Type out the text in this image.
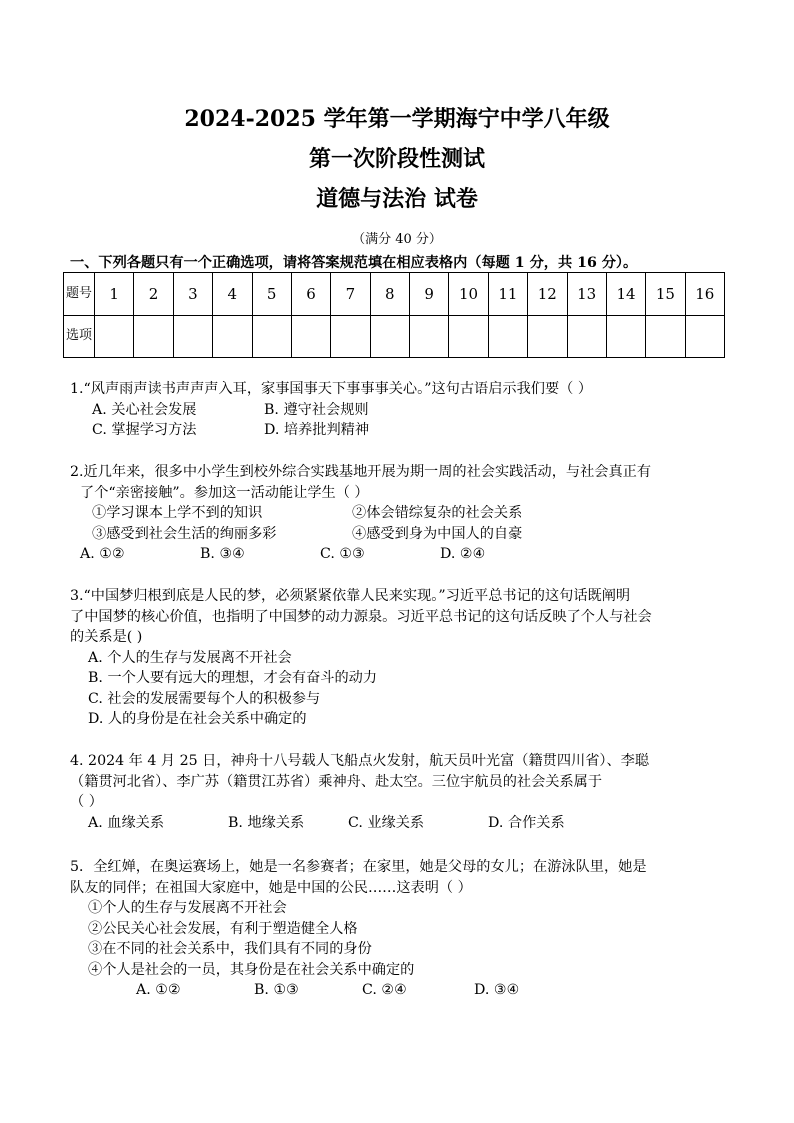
2024-2025 学年第一学期海宁中学八年级
第一次阶段性测试
道德与法治 试卷
（满分 40 分）
一、下列各题只有一个正确选项，请将答案规范填在相应表格内（每题 1 分，共 16 分）。
题号	1	2	3	4	5	6	7	8	9	10	11	12	13	14	15	16
选项																

1.“风声雨声读书声声声入耳，家事国事天下事事事关心。”这句古语启示我们要（ ）

A. 关心社会发展	B. 遵守社会规则
C. 掌握学习方法	D. 培养批判精神

2.近几年来，很多中小学生到校外综合实践基地开展为期一周的社会实践活动，与社会真正有

了个“亲密接触”。参加这一活动能让学生（ ）

①学习课本上学不到的知识	②体会错综复杂的社会关系
③感受到社会生活的绚丽多彩	④感受到身为中国人的自豪
A. ①②	B. ③④	C. ①③	D. ②④

3.“中国梦归根到底是人民的梦，必须紧紧依靠人民来实现。”习近平总书记的这句话既阐明

了中国梦的核心价值，也指明了中国梦的动力源泉。习近平总书记的这句话反映了个人与社会

的关系是( )

A. 个人的生存与发展离不开社会

B. 一个人要有远大的理想，才会有奋斗的动力

C. 社会的发展需要每个人的积极参与

D. 人的身份是在社会关系中确定的

4. 2024 年 4 月 25 日，神舟十八号载人飞船点火发射，航天员叶光富（籍贯四川省）、李聪

（籍贯河北省）、李广苏（籍贯江苏省）乘神舟、赴太空。三位宇航员的社会关系属于

（ ）

A. 血缘关系	B. 地缘关系	C. 业缘关系	D. 合作关系

5．全红婵，在奥运赛场上，她是一名参赛者；在家里，她是父母的女儿；在游泳队里，她是

队友的同伴；在祖国大家庭中，她是中国的公民……这表明（ ）

①个人的生存与发展离不开社会

②公民关心社会发展，有利于塑造健全人格

③在不同的社会关系中，我们具有不同的身份

④个人是社会的一员，其身份是在社会关系中确定的

A. ①②	B. ①③	C. ②④	D. ③④
